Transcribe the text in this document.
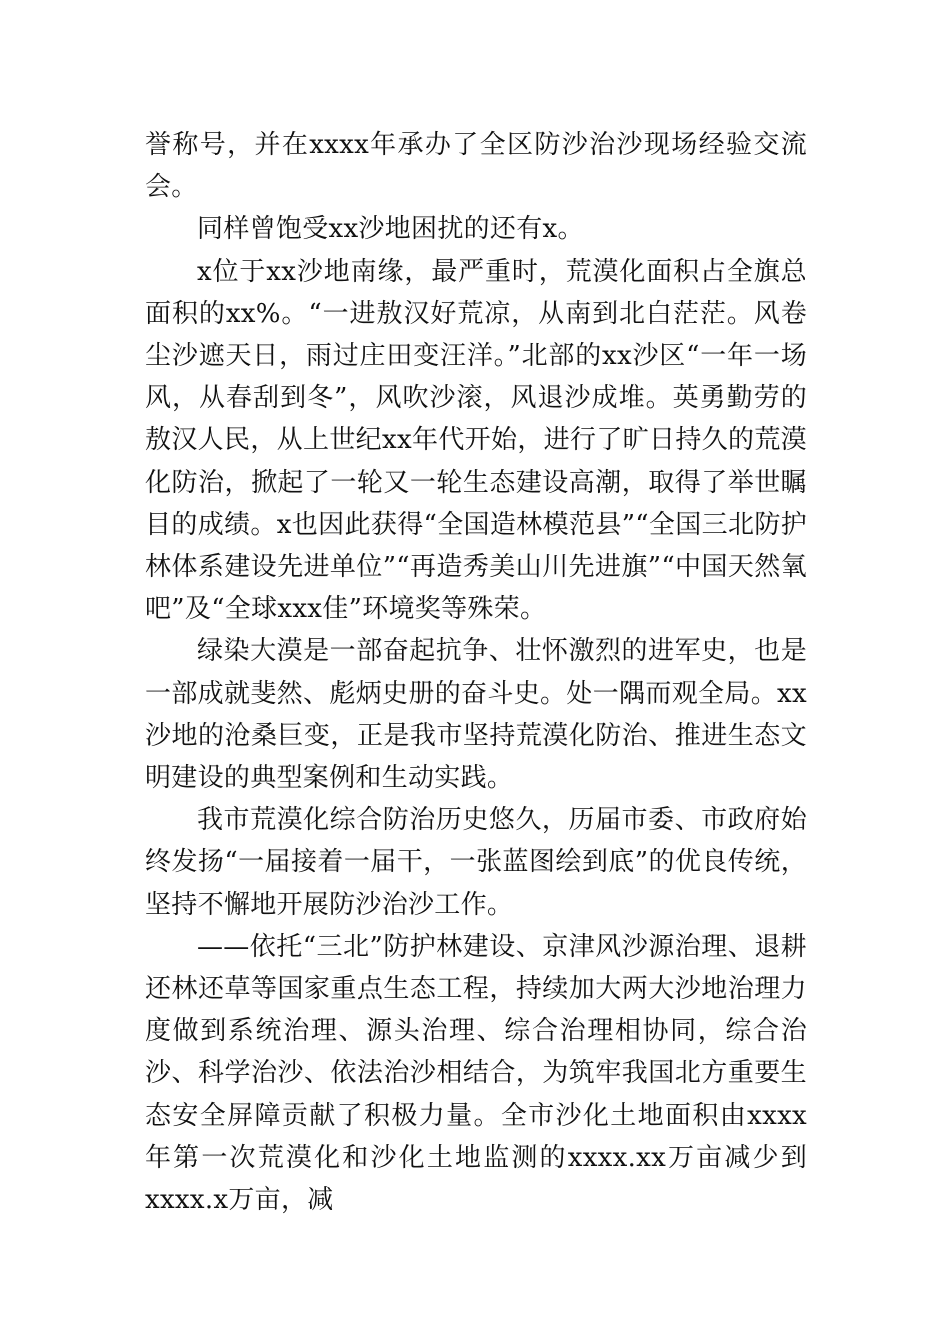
誉称号，并在xxxx年承办了全区防沙治沙现场经验交流会。

同样曾饱受xx沙地困扰的还有x。

x位于xx沙地南缘，最严重时，荒漠化面积占全旗总面积的xx%。“一进敖汉好荒凉，从南到北白茫茫。风卷尘沙遮天日，雨过庄田变汪洋。”北部的xx沙区“一年一场风，从春刮到冬”，风吹沙滚，风退沙成堆。英勇勤劳的敖汉人民，从上世纪xx年代开始，进行了旷日持久的荒漠化防治，掀起了一轮又一轮生态建设高潮，取得了举世瞩目的成绩。x也因此获得“全国造林模范县”“全国三北防护林体系建设先进单位”“再造秀美山川先进旗”“中国天然氧吧”及“全球xxx佳”环境奖等殊荣。

绿染大漠是一部奋起抗争、壮怀激烈的进军史，也是一部成就斐然、彪炳史册的奋斗史。处一隅而观全局。xx沙地的沧桑巨变，正是我市坚持荒漠化防治、推进生态文明建设的典型案例和生动实践。

我市荒漠化综合防治历史悠久，历届市委、市政府始终发扬“一届接着一届干，一张蓝图绘到底”的优良传统，坚持不懈地开展防沙治沙工作。

——依托“三北”防护林建设、京津风沙源治理、退耕还林还草等国家重点生态工程，持续加大两大沙地治理力度做到系统治理、源头治理、综合治理相协同，综合治沙、科学治沙、依法治沙相结合，为筑牢我国北方重要生态安全屏障贡献了积极力量。全市沙化土地面积由xxxx年第一次荒漠化和沙化土地监测的xxxx.xx万亩减少到xxxx.x万亩，减
